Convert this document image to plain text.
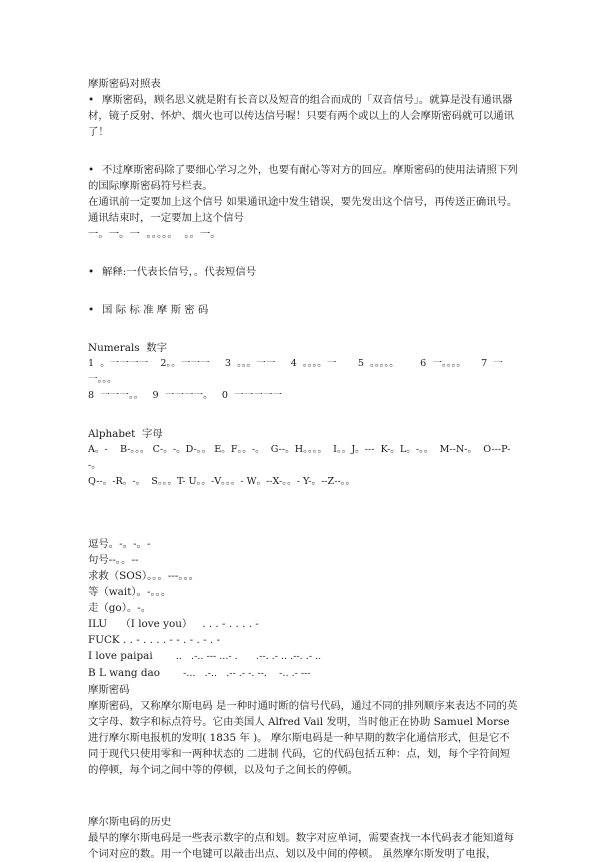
摩斯密码对照表
• 摩斯密码，顾名思义就是附有长音以及短音的组合而成的「双音信号」。就算是没有通讯器材，镜子反射、怀炉、烟火也可以传达信号喔！只要有两个或以上的人会摩斯密码就可以通讯了！
• 不过摩斯密码除了要细心学习之外，也要有耐心等对方的回应。摩斯密码的使用法请照下列的国际摩斯密码符号栏表。
在通讯前一定要加上这个信号 如果通讯途中发生错误，要先发出这个信号，再传送正确讯号。 通讯结束时，一定要加上这个信号
一。一。一  。。。。。  。。一。
• 解释:一代表长信号，。代表短信号
• 国 际 标 准 摩 斯 密 码
Numerals  数字
1  。一一一一    2。。一一一     3  。。。一一     4  。。。。一       5  。。。。。       6  一。。。。     7  一一。。。
8  一一一。。   9  一一一一。   0  一一一一一
Alphabet  字母
A。-    B-。。。 C-。-。D-。。 E。F。。-。  G--。H。。。。  I。。J。---  K-。L。-。。  M--N-。  O---P--。
Q--。-R。-。  S。。。T- U。。-V。。。- W。--X-。。- Y-。--Z--。。
逗号。-。-。-
句号--。。--
求救（SOS）。。。---。。。
等（wait）。-。。。
走（go）。-。
ILU    （I love you）   . . . - . . . . -
FUCK . . - . . . . - - . - . - . -
I love paipai ..   .-.. --- ...- .      .--. .- .. .--. .- ..
B L wang dao -...   .-..   .-- .- -. --.    -.. .- ---
摩斯密码
摩斯密码，又称摩尔斯电码 是一种时通时断的信号代码，通过不同的排列顺序来表达不同的英文字母、数字和标点符号。它由美国人 Alfred Vail 发明，当时他正在协助 Samuel Morse 进行摩尔斯电报机的发明( 1835 年 )。 摩尔斯电码是一种早期的数字化通信形式，但是它不同于现代只使用零和一两种状态的 二进制 代码，它的代码包括五种：点，划，每个字符间短的停顿，每个词之间中等的停顿，以及句子之间长的停顿。
摩尔斯电码的历史
最早的摩尔斯电码是一些表示数字的点和划。数字对应单词，需要查找一本代码表才能知道每个词对应的数。用一个电键可以敲击出点、划以及中间的停顿。 虽然摩尔斯发明了电报，
